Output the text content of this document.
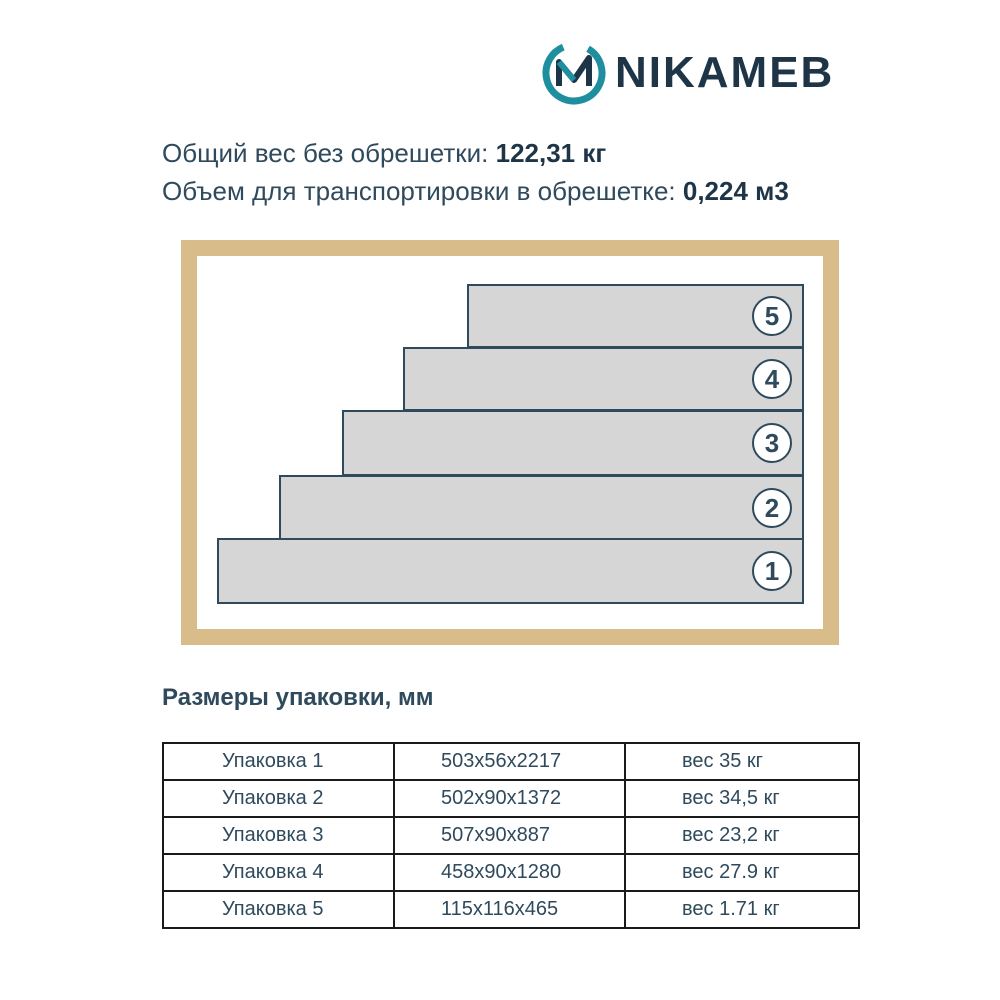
NIKAMEB
Общий вес без обрешетки: 122,31 кг
Объем для транспортировки в обрешетке: 0,224 м3
5
4
3
2
1
Размеры упаковки, мм
Упаковка 1	503x56x2217	вес 35 кг
Упаковка 2	502x90x1372	вес 34,5 кг
Упаковка 3	507x90x887	вес 23,2 кг
Упаковка 4	458x90x1280	вес 27.9 кг
Упаковка 5	115x116x465	вес 1.71 кг
